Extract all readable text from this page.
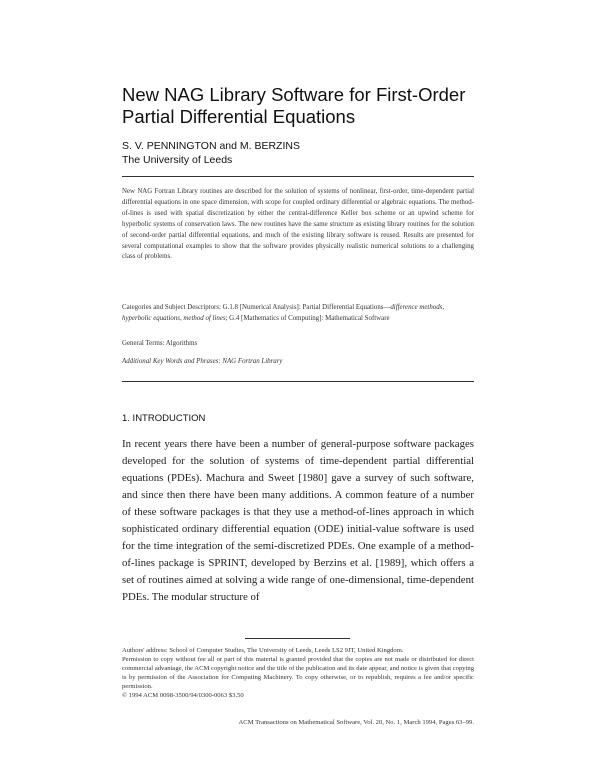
New NAG Library Software for First-Order
Partial Differential Equations
S. V. PENNINGTON and M. BERZINS
The University of Leeds
New NAG Fortran Library routines are described for the solution of systems of nonlinear, first-order, time-dependent partial differential equations in one space dimension, with scope for coupled ordinary differential or algebraic equations. The method-of-lines is used with spatial discretization by either the central-difference Keller box scheme or an upwind scheme for hyperbolic systems of conservation laws. The new routines have the same structure as existing library routines for the solution of second-order partial differential equations, and much of the existing library software is reused. Results are presented for several computational examples to show that the software provides physically realistic numerical solutions to a challenging class of problems.
Categories and Subject Descriptors: G.1.8 [Numerical Analysis]: Partial Differential Equations—difference methods, hyperbolic equations, method of lines; G.4 [Mathematics of Computing]: Mathematical Software
General Terms: Algorithms
Additional Key Words and Phrases: NAG Fortran Library
1. INTRODUCTION
In recent years there have been a number of general-purpose software packages developed for the solution of systems of time-dependent partial differential equations (PDEs). Machura and Sweet [1980] gave a survey of such software, and since then there have been many additions. A common feature of a number of these software packages is that they use a method-of-lines approach in which sophisticated ordinary differential equation (ODE) initial-value software is used for the time integration of the semi-discretized PDEs. One example of a method-of-lines package is SPRINT, developed by Berzins et al. [1989], which offers a set of routines aimed at solving a wide range of one-dimensional, time-dependent PDEs. The modular structure of
Authors' address: School of Computer Studies, The University of Leeds, Leeds LS2 9JT, United Kingdom.
Permission to copy without fee all or part of this material is granted provided that the copies are not made or distributed for direct commercial advantage, the ACM copyright notice and the title of the publication and its date appear, and notice is given that copying is by permission of the Association for Computing Machinery. To copy otherwise, or to republish, requires a fee and/or specific permission.
© 1994 ACM 0098-3500/94/0300-0063 $3.50
ACM Transactions on Mathematical Software, Vol. 20, No. 1, March 1994, Pages 63–99.
